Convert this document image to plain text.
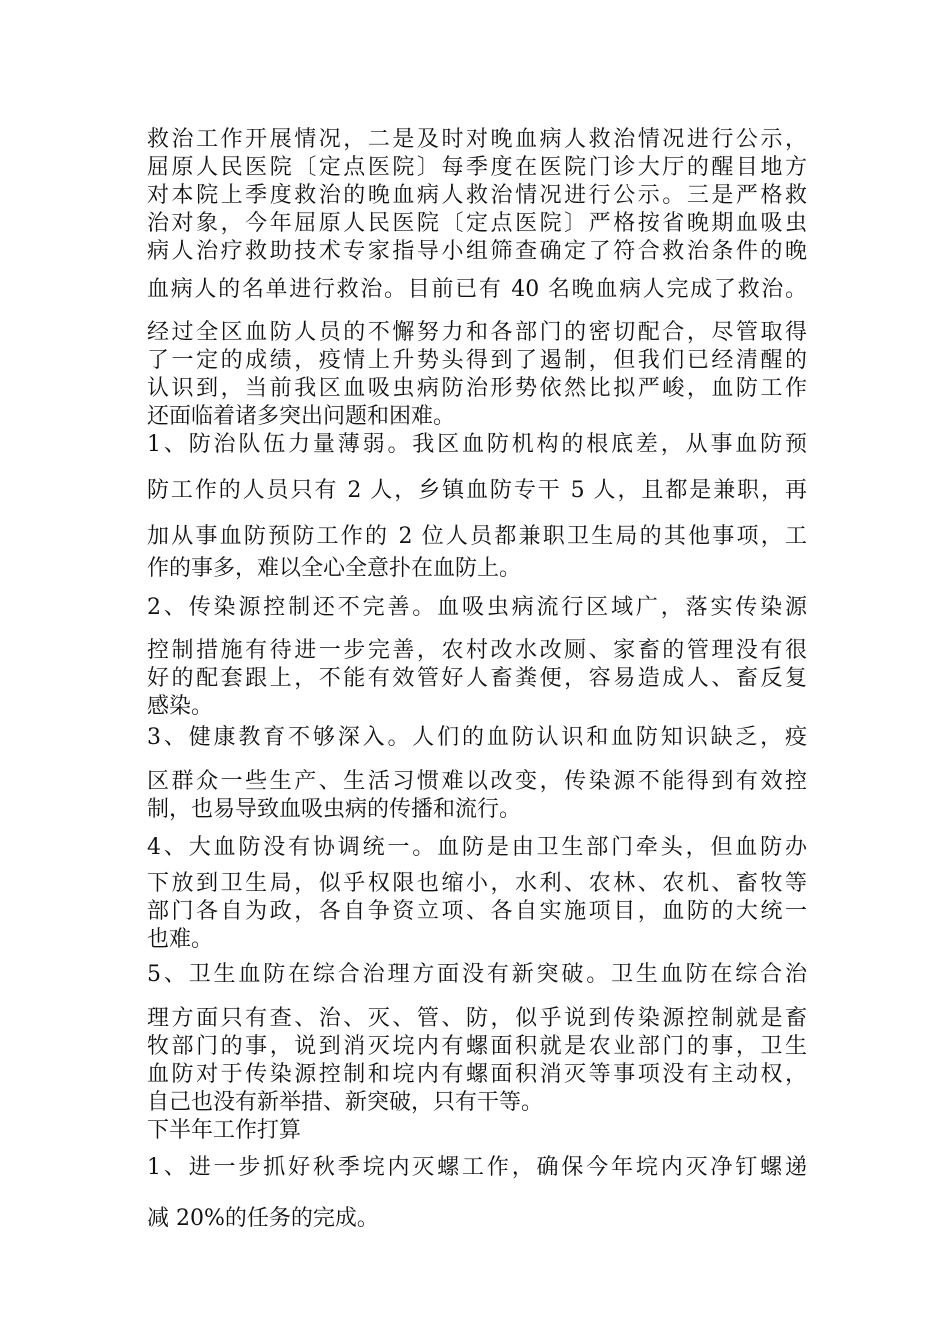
救治工作开展情况，二是及时对晚血病人救治情况进行公示，
屈原人民医院〔定点医院〕每季度在医院门诊大厅的醒目地方
对本院上季度救治的晚血病人救治情况进行公示。三是严格救
治对象，今年屈原人民医院〔定点医院〕严格按省晚期血吸虫
病人治疗救助技术专家指导小组筛查确定了符合救治条件的晚
血病人的名单进行救治。目前已有 40 名晚血病人完成了救治。
经过全区血防人员的不懈努力和各部门的密切配合，尽管取得
了一定的成绩，疫情上升势头得到了遏制，但我们已经清醒的
认识到，当前我区血吸虫病防治形势依然比拟严峻，血防工作
还面临着诸多突出问题和困难。
1、防治队伍力量薄弱。我区血防机构的根底差，从事血防预
防工作的人员只有 2 人，乡镇血防专干 5 人，且都是兼职，再
加从事血防预防工作的 2 位人员都兼职卫生局的其他事项，工
作的事多，难以全心全意扑在血防上。
2、传染源控制还不完善。血吸虫病流行区域广，落实传染源
控制措施有待进一步完善，农村改水改厕、家畜的管理没有很
好的配套跟上，不能有效管好人畜粪便，容易造成人、畜反复
感染。
3、健康教育不够深入。人们的血防认识和血防知识缺乏，疫
区群众一些生产、生活习惯难以改变，传染源不能得到有效控
制，也易导致血吸虫病的传播和流行。
4、大血防没有协调统一。血防是由卫生部门牵头，但血防办
下放到卫生局，似乎权限也缩小，水利、农林、农机、畜牧等
部门各自为政，各自争资立项、各自实施项目，血防的大统一
也难。
5、卫生血防在综合治理方面没有新突破。卫生血防在综合治
理方面只有查、治、灭、管、防，似乎说到传染源控制就是畜
牧部门的事，说到消灭垸内有螺面积就是农业部门的事，卫生
血防对于传染源控制和垸内有螺面积消灭等事项没有主动权，
自己也没有新举措、新突破，只有干等。
下半年工作打算
1、进一步抓好秋季垸内灭螺工作，确保今年垸内灭净钉螺递
减 20%的任务的完成。
